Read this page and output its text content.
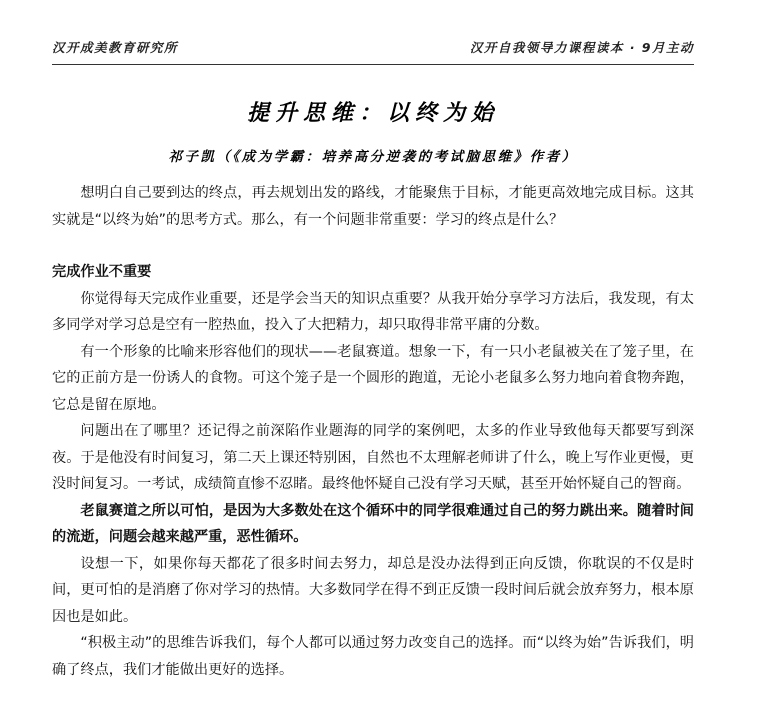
汉开成美教育研究所	汉开自我领导力课程读本 · 9月主动
提升思维：以终为始
祁子凯（《成为学霸：培养高分逆袭的考试脑思维》作者）

想明白自己要到达的终点，再去规划出发的路线，才能聚焦于目标，才能更高效地完成目标。这其实就是“以终为始”的思考方式。那么，有一个问题非常重要：学习的终点是什么？

完成作业不重要

你觉得每天完成作业重要，还是学会当天的知识点重要？从我开始分享学习方法后，我发现，有太多同学对学习总是空有一腔热血，投入了大把精力，却只取得非常平庸的分数。

有一个形象的比喻来形容他们的现状——老鼠赛道。想象一下，有一只小老鼠被关在了笼子里，在它的正前方是一份诱人的食物。可这个笼子是一个圆形的跑道，无论小老鼠多么努力地向着食物奔跑，它总是留在原地。

问题出在了哪里？还记得之前深陷作业题海的同学的案例吧，太多的作业导致他每天都要写到深夜。于是他没有时间复习，第二天上课还特别困，自然也不太理解老师讲了什么，晚上写作业更慢，更没时间复习。一考试，成绩简直惨不忍睹。最终他怀疑自己没有学习天赋，甚至开始怀疑自己的智商。

老鼠赛道之所以可怕，是因为大多数处在这个循环中的同学很难通过自己的努力跳出来。随着时间的流逝，问题会越来越严重，恶性循环。

设想一下，如果你每天都花了很多时间去努力，却总是没办法得到正向反馈，你耽误的不仅是时间，更可怕的是消磨了你对学习的热情。大多数同学在得不到正反馈一段时间后就会放弃努力，根本原因也是如此。

“积极主动”的思维告诉我们，每个人都可以通过努力改变自己的选择。而“以终为始”告诉我们，明确了终点，我们才能做出更好的选择。
